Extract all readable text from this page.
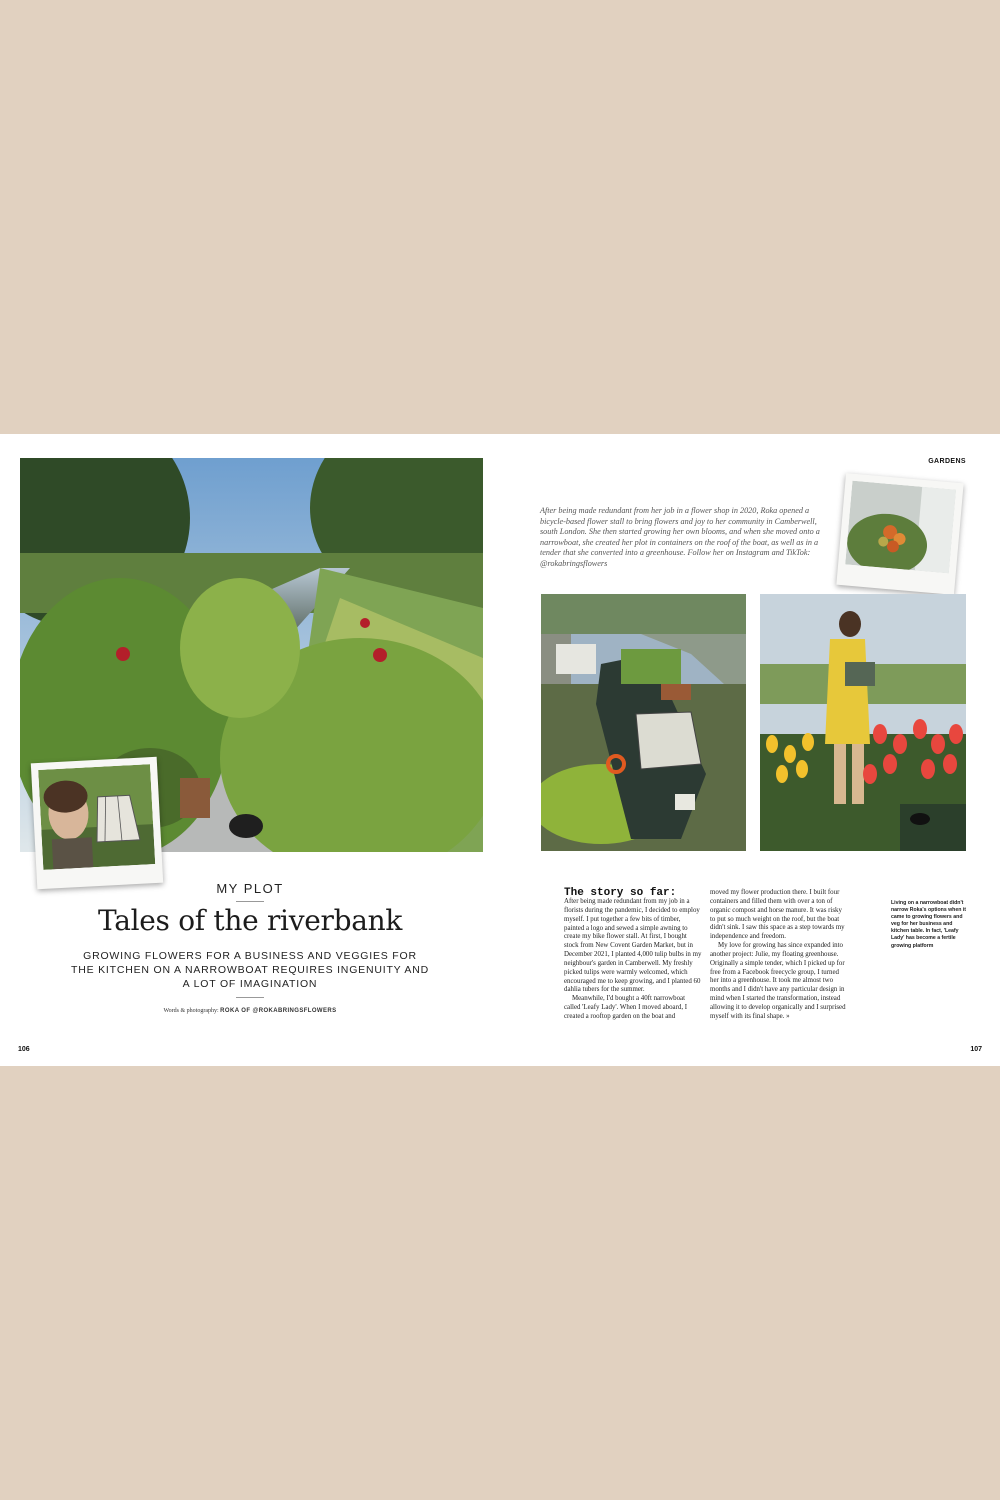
MY PLOT
Tales of the riverbank
GROWING FLOWERS FOR A BUSINESS AND VEGGIES FOR THE KITCHEN ON A NARROWBOAT REQUIRES INGENUITY AND A LOT OF IMAGINATION
Words & photography: ROKA OF @ROKABRINGSFLOWERS
106
GARDENS
After being made redundant from her job in a flower shop in 2020, Roka opened a bicycle-based flower stall to bring flowers and joy to her community in Camberwell, south London. She then started growing her own blooms, and when she moved onto a narrowboat, she created her plot in containers on the roof of the boat, as well as in a tender that she converted into a greenhouse. Follow her on Instagram and TikTok: @rokabringsflowers
The story so far:

After being made redundant from my job in a florists during the pandemic, I decided to employ myself. I put together a few bits of timber, painted a logo and sewed a simple awning to create my bike flower stall. At first, I bought stock from New Covent Garden Market, but in December 2021, I planted 4,000 tulip bulbs in my neighbour's garden in Camberwell. My freshly picked tulips were warmly welcomed, which encouraged me to keep growing, and I planted 60 dahlia tubers for the summer.

Meanwhile, I'd bought a 40ft narrowboat called 'Leafy Lady'. When I moved aboard, I created a rooftop garden on the boat and

moved my flower production there. I built four containers and filled them with over a ton of organic compost and horse manure. It was risky to put so much weight on the roof, but the boat didn't sink. I saw this space as a step towards my independence and freedom.

My love for growing has since expanded into another project: Julie, my floating greenhouse. Originally a simple tender, which I picked up for free from a Facebook freecycle group, I turned her into a greenhouse. It took me almost two months and I didn't have any particular design in mind when I started the transformation, instead allowing it to develop organically and I surprised myself with its final shape. »

Living on a narrowboat didn't narrow Roka's options when it came to growing flowers and veg for her business and kitchen table. In fact, 'Leafy Lady' has become a fertile growing platform
107
